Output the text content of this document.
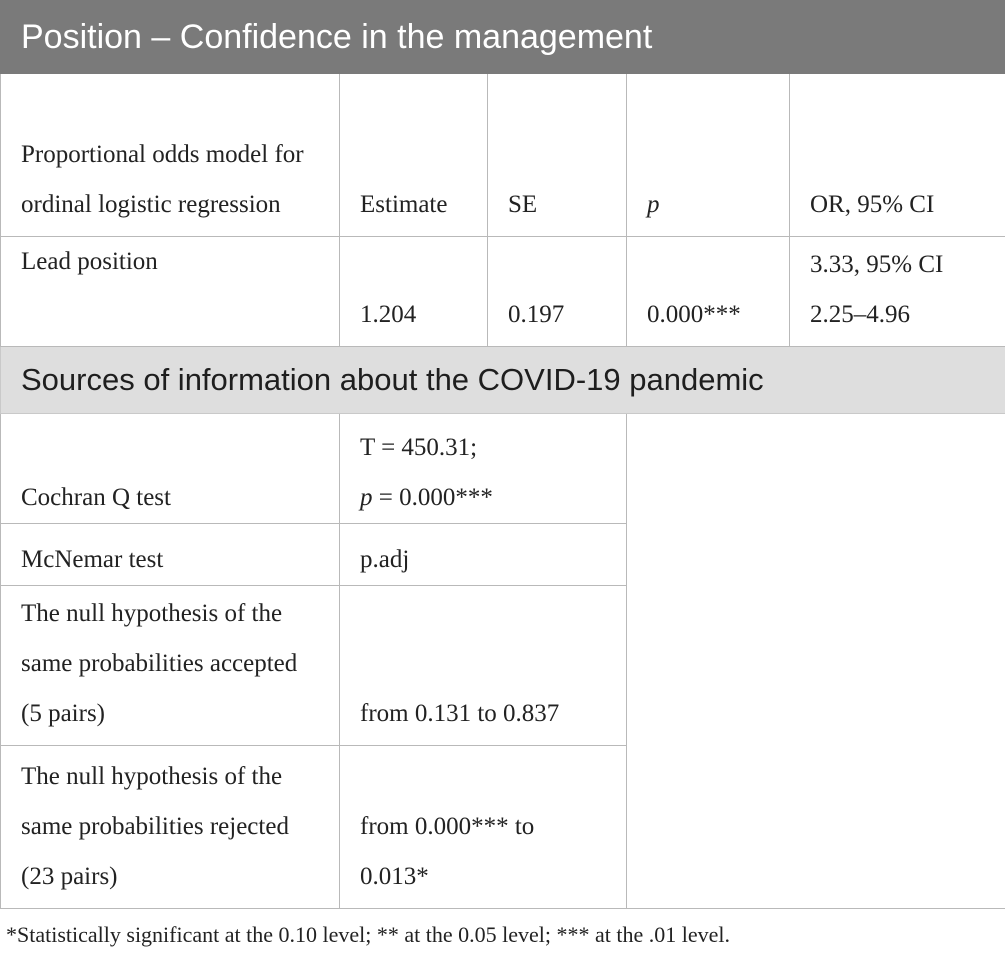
Position – Confidence in the management				
Proportional odds model for ordinal logistic regression	Estimate	SE	p	OR, 95% CI
Lead position	1.204	0.197	0.000***	3.33, 95% CI
2.25–4.96

Sources of information about the COVID-19 pandemic				
Cochran Q test	T = 450.31;
p = 0.000***			

McNemar test	p.adj			
The null hypothesis of the same probabilities accepted (5 pairs)	from 0.131 to 0.837			
The null hypothesis of the same probabilities rejected (23 pairs)	from 0.000*** to
0.013*			
*Statistically significant at the 0.10 level; ** at the 0.05 level; *** at the .01 level.
